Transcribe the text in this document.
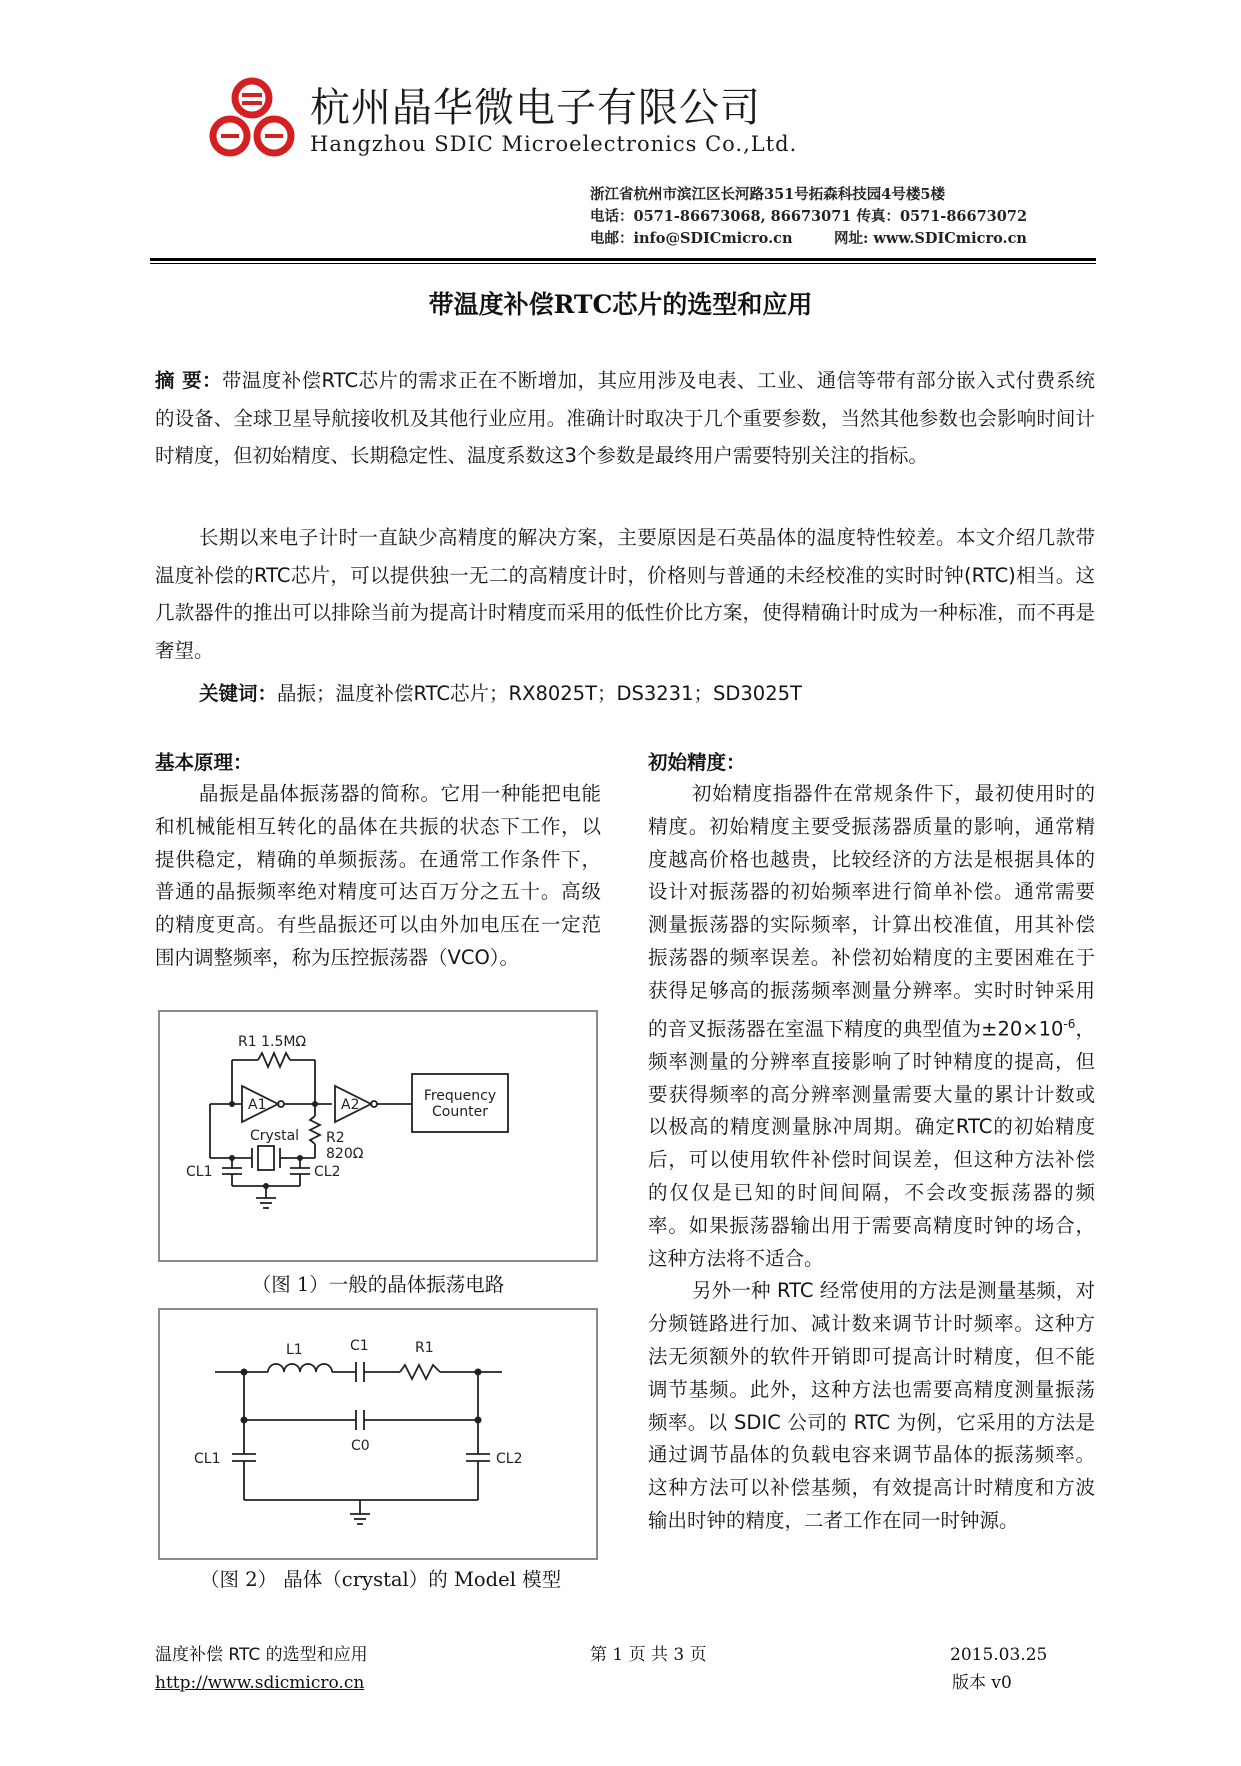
杭州晶华微电子有限公司
Hangzhou SDIC Microelectronics Co.,Ltd.
浙江省杭州市滨江区长河路351号拓森科技园4号楼5楼
电话：0571-86673068, 86673071 传真：0571-86673072
电邮：info@SDICmicro.cn	网址: www.SDICmicro.cn
带温度补偿RTC芯片的选型和应用
摘 要：带温度补偿RTC芯片的需求正在不断增加，其应用涉及电表、工业、通信等带有部分嵌入式付费系统的设备、全球卫星导航接收机及其他行业应用。准确计时取决于几个重要参数，当然其他参数也会影响时间计时精度，但初始精度、长期稳定性、温度系数这3个参数是最终用户需要特别关注的指标。
长期以来电子计时一直缺少高精度的解决方案，主要原因是石英晶体的温度特性较差。本文介绍几款带温度补偿的RTC芯片，可以提供独一无二的高精度计时，价格则与普通的未经校准的实时时钟(RTC)相当。这几款器件的推出可以排除当前为提高计时精度而采用的低性价比方案，使得精确计时成为一种标准，而不再是奢望。
关键词：晶振；温度补偿RTC芯片；RX8025T；DS3231；SD3025T
基本原理：

晶振是晶体振荡器的简称。它用一种能把电能和机械能相互转化的晶体在共振的状态下工作，以提供稳定，精确的单频振荡。在通常工作条件下，普通的晶振频率绝对精度可达百万分之五十。高级的精度更高。有些晶振还可以由外加电压在一定范围内调整频率，称为压控振荡器（VCO）。

R1 1.5MΩ
A1	A2
Crystal R2
820Ω
CL1	CL2
Frequency
Counter
（图 1）一般的晶体振荡电路
L1	C1	R1
C0
CL1	CL2
（图 2） 晶体（crystal）的 Model 模型
初始精度：

初始精度指器件在常规条件下，最初使用时的精度。初始精度主要受振荡器质量的影响，通常精度越高价格也越贵，比较经济的方法是根据具体的设计对振荡器的初始频率进行简单补偿。通常需要测量振荡器的实际频率，计算出校准值，用其补偿振荡器的频率误差。补偿初始精度的主要困难在于获得足够高的振荡频率测量分辨率。实时时钟采用的音叉振荡器在室温下精度的典型值为$\pm 20\times 10^{-6}$，频率测量的分辨率直接影响了时钟精度的提高，但要获得频率的高分辨率测量需要大量的累计计数或以极高的精度测量脉冲周期。确定RTC的初始精度后，可以使用软件补偿时间误差，但这种方法补偿的仅仅是已知的时间间隔，不会改变振荡器的频率。如果振荡器输出用于需要高精度时钟的场合，这种方法将不适合。

另外一种 RTC 经常使用的方法是测量基频，对分频链路进行加、减计数来调节计时频率。这种方法无须额外的软件开销即可提高计时精度，但不能调节基频。此外，这种方法也需要高精度测量振荡频率。以 SDIC 公司的 RTC 为例，它采用的方法是通过调节晶体的负载电容来调节晶体的振荡频率。这种方法可以补偿基频，有效提高计时精度和方波输出时钟的精度，二者工作在同一时钟源。

温度补偿 RTC 的选型和应用	第 1 页 共 3 页	2015.03.25
http://www.sdicmicro.cn	版本 v0
